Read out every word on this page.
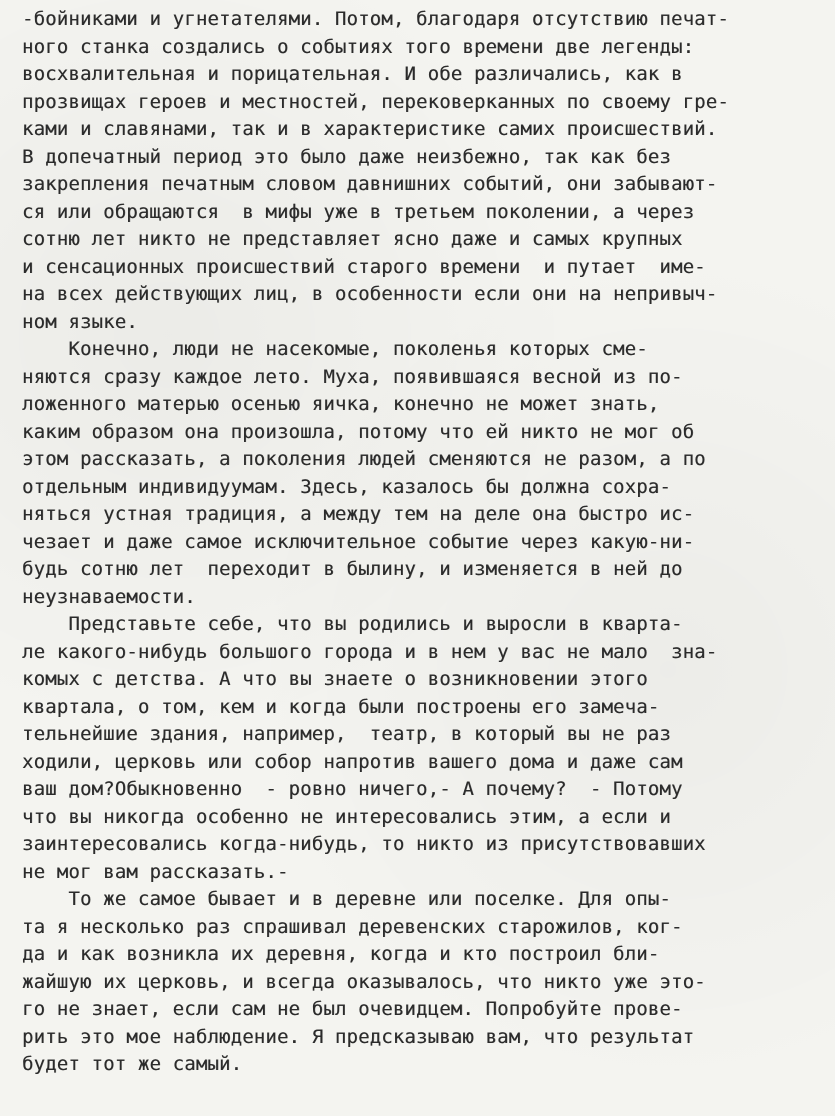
-бойниками и угнетателями. Потом, благодаря отсутствию печат-
ного станка создались о событиях того времени две легенды:
восхвалительная и порицательная. И обе различались, как в
прозвищах героев и местностей, перековерканных по своему гре-
ками и славянами, так и в характеристике самих происшествий.
В допечатный период это было даже неизбежно, так как без
закрепления печатным словом давнишних событий, они забывают-
ся или обращаются  в мифы уже в третьем поколении, а через
сотню лет никто не представляет ясно даже и самых крупных
и сенсационных происшествий старого времени  и путает  име-
на всех действующих лиц, в особенности если они на непривыч-
ном языке.
Конечно, люди не насекомые, поколенья которых сме-
няются сразу каждое лето. Муха, появившаяся весной из по-
ложенного матерью осенью яичка, конечно не может знать,
каким образом она произошла, потому что ей никто не мог об
этом рассказать, а поколения людей сменяются не разом, а по
отдельным индивидуумам. Здесь, казалось бы должна сохра-
няться устная традиция, а между тем на деле она быстро ис-
чезает и даже самое исключительное событие через какую-ни-
будь сотню лет  переходит в былину, и изменяется в ней до
неузнаваемости.
Представьте себе, что вы родились и выросли в кварта-
ле какого-нибудь большого города и в нем у вас не мало  зна-
комых с детства. А что вы знаете о возникновении этого
квартала, о том, кем и когда были построены его замеча-
тельнейшие здания, например,  театр, в который вы не раз
ходили, церковь или собор напротив вашего дома и даже сам
ваш дом?Обыкновенно  - ровно ничего,- А почему?  - Потому
что вы никогда особенно не интересовались этим, а если и
заинтересовались когда-нибудь, то никто из присутствовавших
не мог вам рассказать.-
То же самое бывает и в деревне или поселке. Для опы-
та я несколько раз спрашивал деревенских старожилов, ког-
да и как возникла их деревня, когда и кто построил бли-
жайшую их церковь, и всегда оказывалось, что никто уже это-
го не знает, если сам не был очевидцем. Попробуйте прове-
рить это мое наблюдение. Я предсказываю вам, что результат
будет тот же самый.
